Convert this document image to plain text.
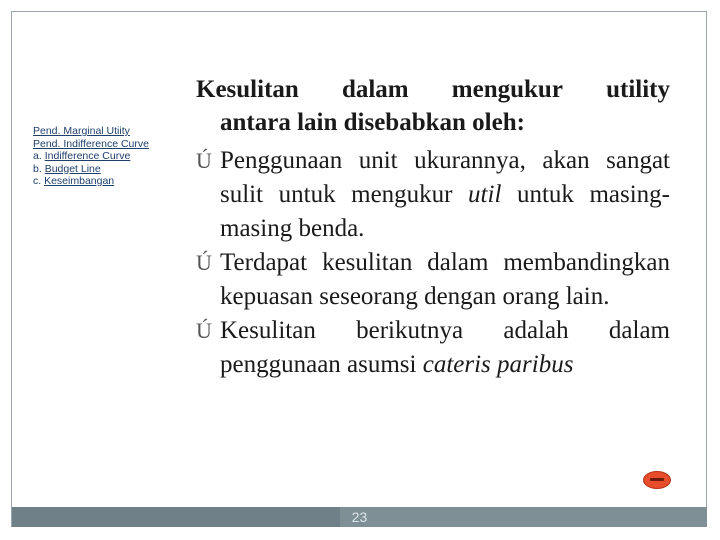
Pend. Marginal Utiity
Pend. Indifference Curve
a. Indifference Curve
b. Budget Line
c. Keseimbangan
Kesulitan dalam mengukur utility
antara lain disebabkan oleh:
Ú Penggunaan unit ukurannya, akan sangat sulit untuk mengukur util untuk masing-masing benda.
Ú Terdapat kesulitan dalam membandingkan kepuasan seseorang dengan orang lain.
Ú Kesulitan berikutnya adalah dalam penggunaan asumsi cateris paribus
23
